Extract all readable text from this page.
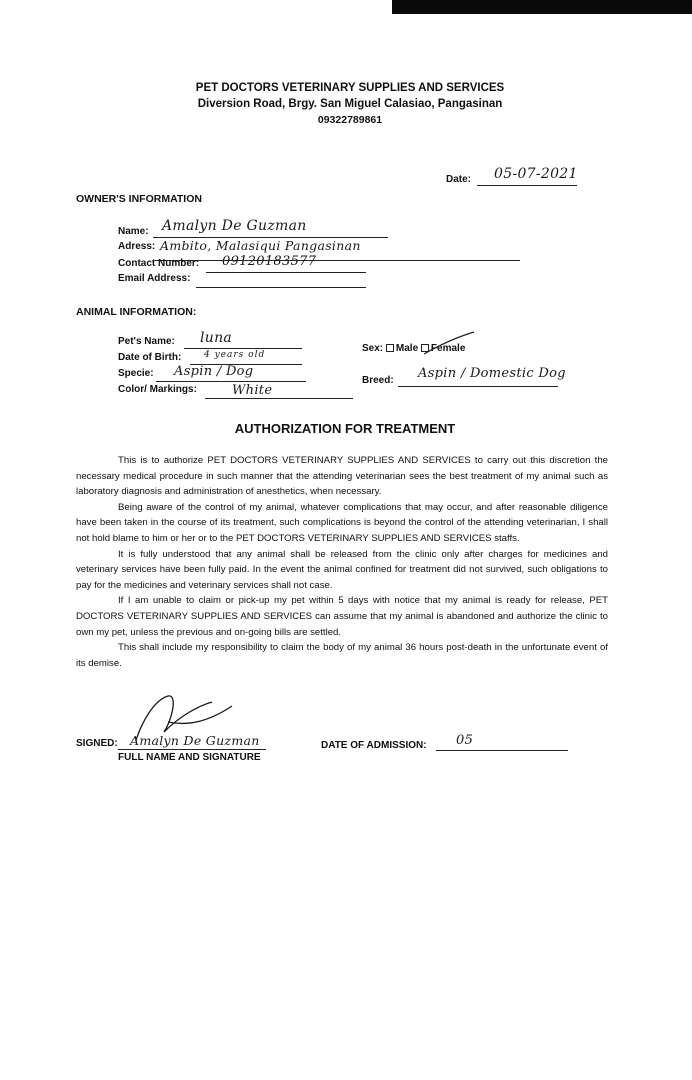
PET DOCTORS VETERINARY SUPPLIES AND SERVICES
Diversion Road, Brgy. San Miguel Calasiao, Pangasinan
09322789861
Date: 05-07-2021
OWNER'S INFORMATION
Name: Amalyn De Guzman
Adress: Ambito, Malasiqui Pangasinan
Contact Number: 09120183577
Email Address:
ANIMAL INFORMATION:
Pet's Name: luna
Date of Birth:	4 years old
Specie: Aspin / Dog
Color/ Markings:	White
Sex: Male Female
Breed: Aspin / Domestic Dog
AUTHORIZATION FOR TREATMENT

This is to authorize PET DOCTORS VETERINARY SUPPLIES AND SERVICES to carry out this discretion the necessary medical procedure in such manner that the attending veterinarian sees the best treatment of my animal such as laboratory diagnosis and administration of anesthetics, when necessary.

Being aware of the control of my animal, whatever complications that may occur, and after reasonable diligence have been taken in the course of its treatment, such complications is beyond the control of the attending veterinarian, I shall not hold blame to him or her or to the PET DOCTORS VETERINARY SUPPLIES AND SERVICES staffs.

It is fully understood that any animal shall be released from the clinic only after charges for medicines and veterinary services have been fully paid. In the event the animal confined for treatment did not survived, such obligations to pay for the medicines and veterinary services shall not case.

If I am unable to claim or pick-up my pet within 5 days with notice that my animal is ready for release, PET DOCTORS VETERINARY SUPPLIES AND SERVICES can assume that my animal is abandoned and authorize the clinic to own my pet, unless the previous and on-going bills are settled.

This shall include my responsibility to claim the body of my animal 36 hours post-death in the unfortunate event of its demise.

SIGNED: Amalyn De Guzman
FULL NAME AND SIGNATURE
DATE OF ADMISSION: 05
